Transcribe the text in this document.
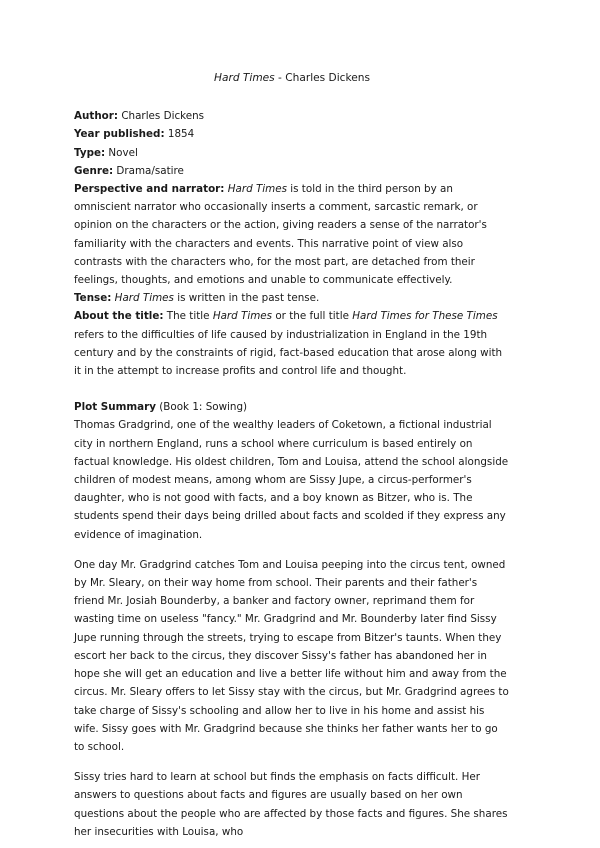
Hard Times - Charles Dickens
Author: Charles Dickens
Year published: 1854
Type: Novel
Genre: Drama/satire
Perspective and narrator: Hard Times is told in the third person by an omniscient narrator who occasionally inserts a comment, sarcastic remark, or opinion on the characters or the action, giving readers a sense of the narrator's familiarity with the characters and events. This narrative point of view also contrasts with the characters who, for the most part, are detached from their feelings, thoughts, and emotions and unable to communicate effectively.
Tense: Hard Times is written in the past tense.
About the title: The title Hard Times or the full title Hard Times for These Times refers to the difficulties of life caused by industrialization in England in the 19th century and by the constraints of rigid, fact-based education that arose along with it in the attempt to increase profits and control life and thought.
Plot Summary (Book 1: Sowing)

Thomas Gradgrind, one of the wealthy leaders of Coketown, a fictional industrial city in northern England, runs a school where curriculum is based entirely on factual knowledge. His oldest children, Tom and Louisa, attend the school alongside children of modest means, among whom are Sissy Jupe, a circus-performer's daughter, who is not good with facts, and a boy known as Bitzer, who is. The students spend their days being drilled about facts and scolded if they express any evidence of imagination.

One day Mr. Gradgrind catches Tom and Louisa peeping into the circus tent, owned by Mr. Sleary, on their way home from school. Their parents and their father's friend Mr. Josiah Bounderby, a banker and factory owner, reprimand them for wasting time on useless "fancy." Mr. Gradgrind and Mr. Bounderby later find Sissy Jupe running through the streets, trying to escape from Bitzer's taunts. When they escort her back to the circus, they discover Sissy's father has abandoned her in hope she will get an education and live a better life without him and away from the circus. Mr. Sleary offers to let Sissy stay with the circus, but Mr. Gradgrind agrees to take charge of Sissy's schooling and allow her to live in his home and assist his wife. Sissy goes with Mr. Gradgrind because she thinks her father wants her to go to school.

Sissy tries hard to learn at school but finds the emphasis on facts difficult. Her answers to questions about facts and figures are usually based on her own questions about the people who are affected by those facts and figures. She shares her insecurities with Louisa, who
